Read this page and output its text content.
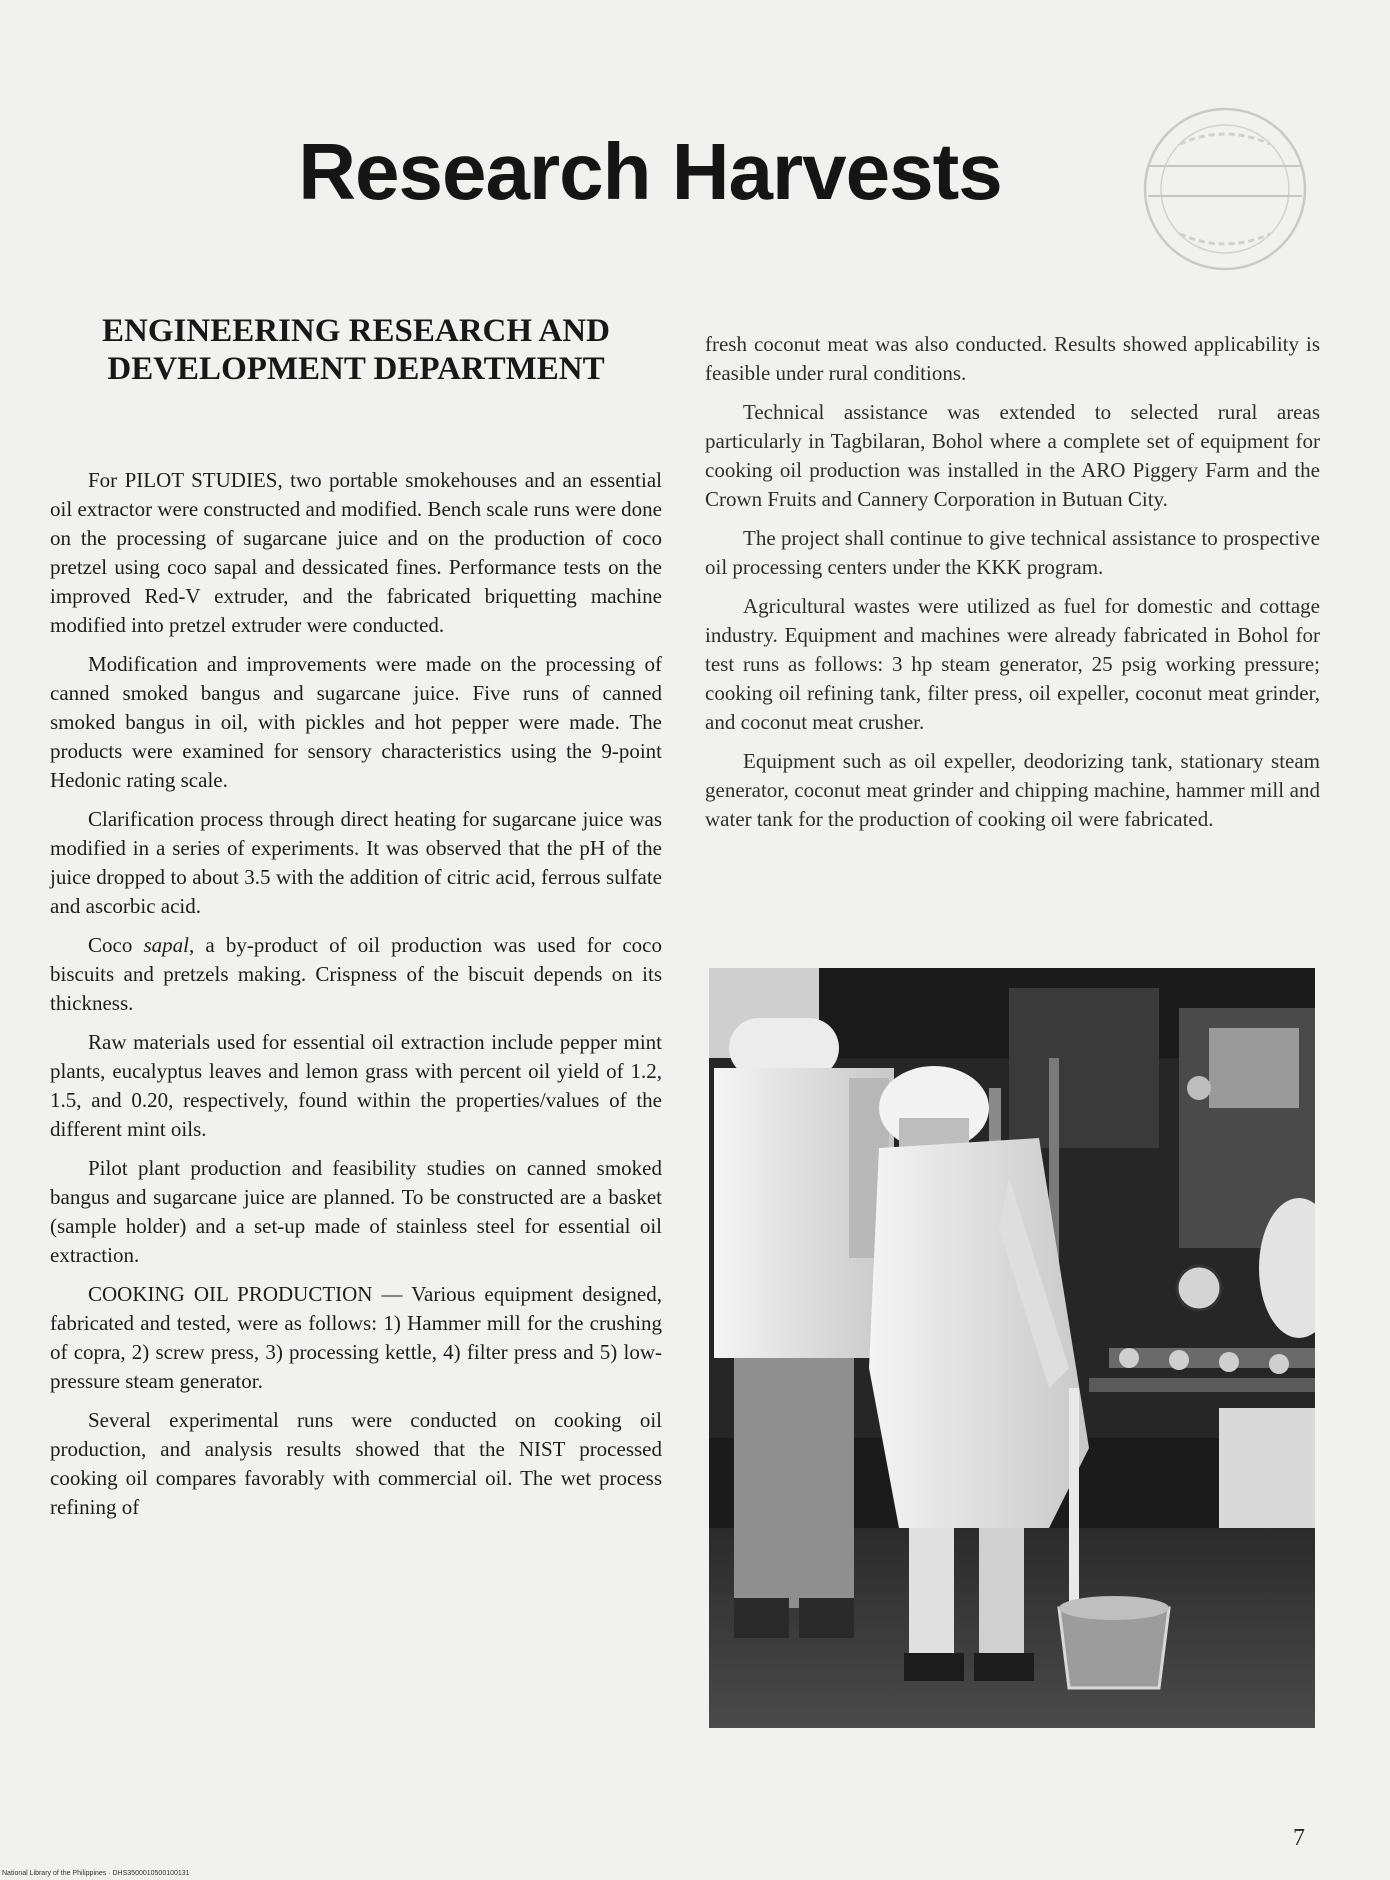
Research Harvests
ENGINEERING RESEARCH AND
DEVELOPMENT DEPARTMENT

For PILOT STUDIES, two portable smokehouses and an essential oil extractor were constructed and modified. Bench scale runs were done on the processing of sugarcane juice and on the production of coco pretzel using coco sapal and dessicated fines. Performance tests on the improved Red-V extruder, and the fabricated briquetting machine modified into pretzel extruder were conducted.

Modification and improvements were made on the processing of canned smoked bangus and sugarcane juice. Five runs of canned smoked bangus in oil, with pickles and hot pepper were made. The products were examined for sensory characteristics using the 9-point Hedonic rating scale.

Clarification process through direct heating for sugarcane juice was modified in a series of experiments. It was observed that the pH of the juice dropped to about 3.5 with the addition of citric acid, ferrous sulfate and ascorbic acid.

Coco sapal, a by-product of oil production was used for coco biscuits and pretzels making. Crispness of the biscuit depends on its thickness.

Raw materials used for essential oil extraction include pepper mint plants, eucalyptus leaves and lemon grass with percent oil yield of 1.2, 1.5, and 0.20, respectively, found within the properties/values of the different mint oils.

Pilot plant production and feasibility studies on canned smoked bangus and sugarcane juice are planned. To be constructed are a basket (sample holder) and a set-up made of stainless steel for essential oil extraction.

COOKING OIL PRODUCTION — Various equipment designed, fabricated and tested, were as follows: 1) Hammer mill for the crushing of copra, 2) screw press, 3) processing kettle, 4) filter press and 5) low-pressure steam generator.

Several experimental runs were conducted on cooking oil production, and analysis results showed that the NIST processed cooking oil compares favorably with commercial oil. The wet process refining of

fresh coconut meat was also conducted. Results showed applicability is feasible under rural conditions.

Technical assistance was extended to selected rural areas particularly in Tagbilaran, Bohol where a complete set of equipment for cooking oil production was installed in the ARO Piggery Farm and the Crown Fruits and Cannery Corporation in Butuan City.

The project shall continue to give technical assistance to prospective oil processing centers under the KKK program.

Agricultural wastes were utilized as fuel for domestic and cottage industry. Equipment and machines were already fabricated in Bohol for test runs as follows: 3 hp steam generator, 25 psig working pressure; cooking oil refining tank, filter press, oil expeller, coconut meat grinder, and coconut meat crusher.

Equipment such as oil expeller, deodorizing tank, stationary steam generator, coconut meat grinder and chipping machine, hammer mill and water tank for the production of cooking oil were fabricated.

7
National Library of the Philippines · DHS3500010500100131
